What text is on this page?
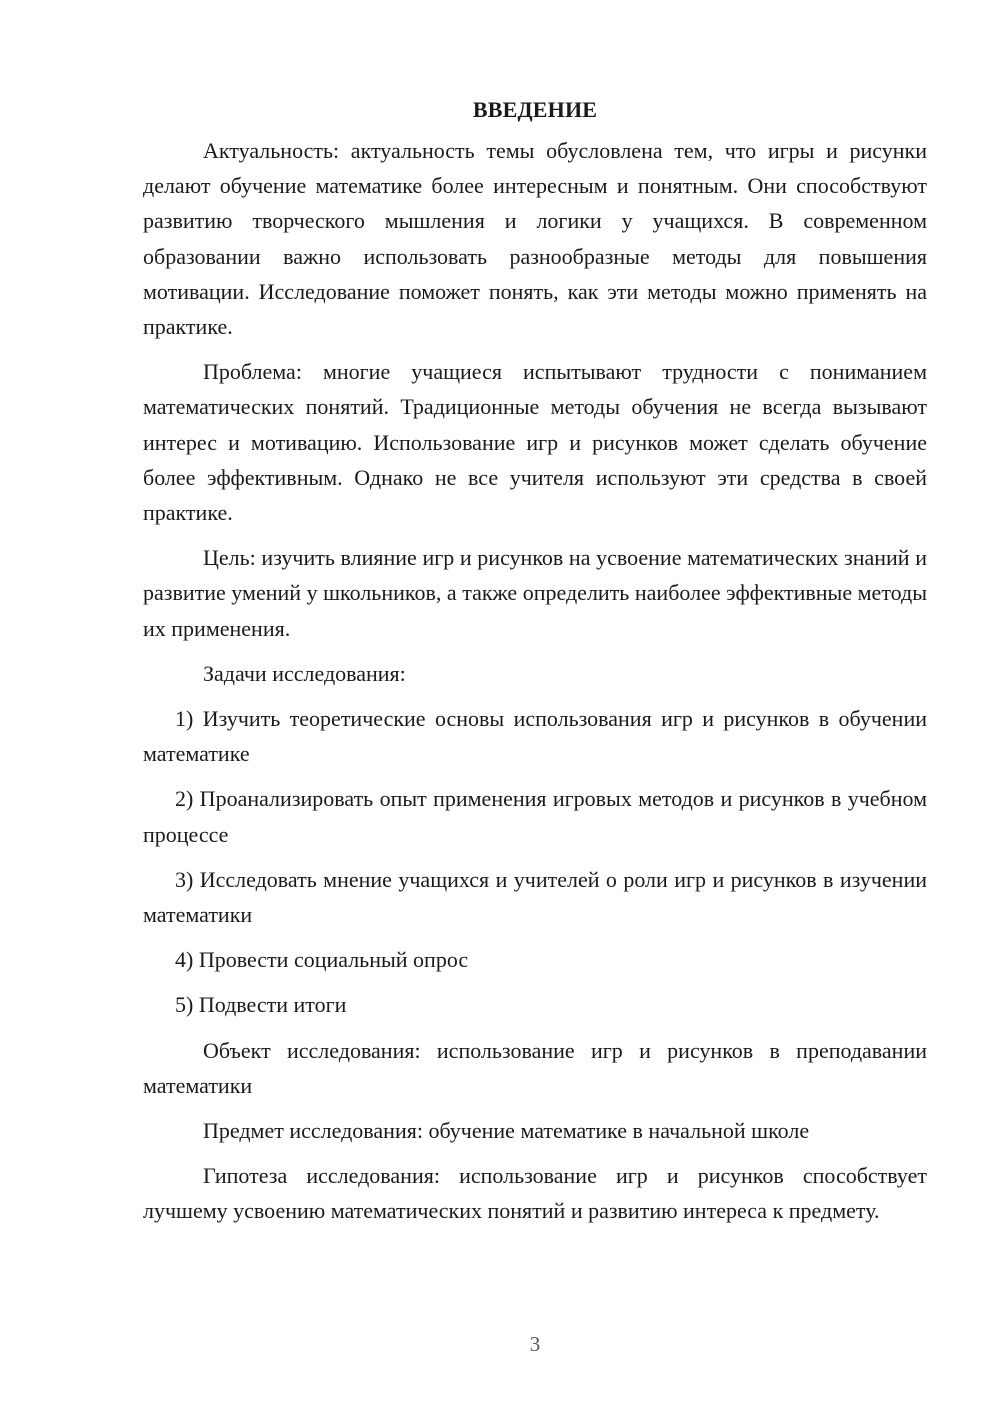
ВВЕДЕНИЕ

Актуальность: актуальность темы обусловлена тем, что игры и рисунки делают обучение математике более интересным и понятным. Они способствуют развитию творческого мышления и логики у учащихся. В современном образовании важно использовать разнообразные методы для повышения мотивации. Исследование поможет понять, как эти методы можно применять на практике.

Проблема: многие учащиеся испытывают трудности с пониманием математических понятий. Традиционные методы обучения не всегда вызывают интерес и мотивацию. Использование игр и рисунков может сделать обучение более эффективным. Однако не все учителя используют эти средства в своей практике.

Цель: изучить влияние игр и рисунков на усвоение математических знаний и развитие умений у школьников, а также определить наиболее эффективные методы их применения.

Задачи исследования:

1) Изучить теоретические основы использования игр и рисунков в обучении математике

2) Проанализировать опыт применения игровых методов и рисунков в учебном процессе

3) Исследовать мнение учащихся и учителей о роли игр и рисунков в изучении математики

4) Провести социальный опрос

5) Подвести итоги

Объект исследования: использование игр и рисунков в преподавании математики

Предмет исследования: обучение математике в начальной школе

Гипотеза исследования: использование игр и рисунков способствует лучшему усвоению математических понятий и развитию интереса к предмету.

3
